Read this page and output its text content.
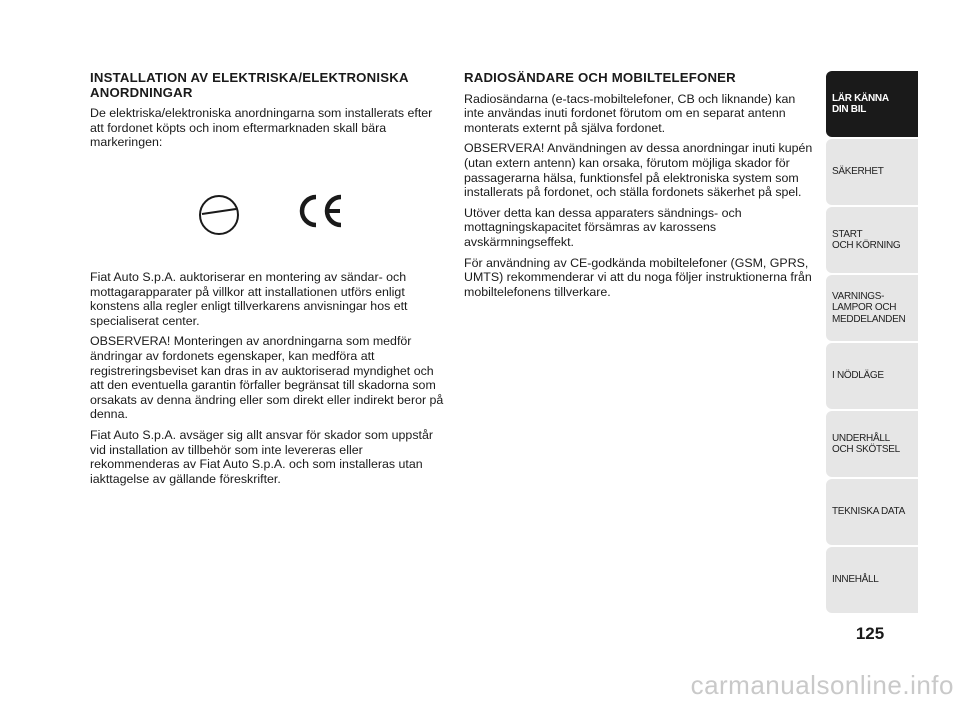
INSTALLATION AV ELEKTRISKA/ELEKTRONISKA ANORDNINGAR

De elektriska/elektroniska anordningarna som installerats efter att fordonet köpts och inom eftermarknaden skall bära markeringen:

Fiat Auto S.p.A. auktoriserar en montering av sändar- och mottagarapparater på villkor att installationen utförs enligt konstens alla regler enligt tillverkarens anvisningar hos ett specialiserat center.

OBSERVERA! Monteringen av anordningarna som medför ändringar av fordonets egenskaper, kan medföra att registreringsbeviset kan dras in av auktoriserad myndighet och att den eventuella garantin förfaller begränsat till skadorna som orsakats av denna ändring eller som direkt eller indirekt beror på denna.

Fiat Auto S.p.A. avsäger sig allt ansvar för skador som uppstår vid installation av tillbehör som inte levereras eller rekommenderas av Fiat Auto S.p.A. och som installeras utan iakttagelse av gällande föreskrifter.

RADIOSÄNDARE OCH MOBILTELEFONER

Radiosändarna (e-tacs-mobiltelefoner, CB och liknande) kan inte användas inuti fordonet förutom om en separat antenn monterats externt på själva fordonet.

OBSERVERA! Användningen av dessa anordningar inuti kupén (utan extern antenn) kan orsaka, förutom möjliga skador för passagerarna hälsa, funktionsfel på elektroniska system som installerats på fordonet, och ställa fordonets säkerhet på spel.

Utöver detta kan dessa apparaters sändnings- och mottagningskapacitet försämras av karossens avskärmningseffekt.

För användning av CE-godkända mobiltelefoner (GSM, GPRS, UMTS) rekommenderar vi att du noga följer instruktionerna från mobiltelefonens tillverkare.

LÄR KÄNNA
DIN BIL
SÄKERHET
START
OCH KÖRNING
VARNINGS-
LAMPOR OCH
MEDDELANDEN
I NÖDLÄGE
UNDERHÅLL
OCH SKÖTSEL
TEKNISKA DATA
INNEHÅLL
125
carmanualsonline.info
